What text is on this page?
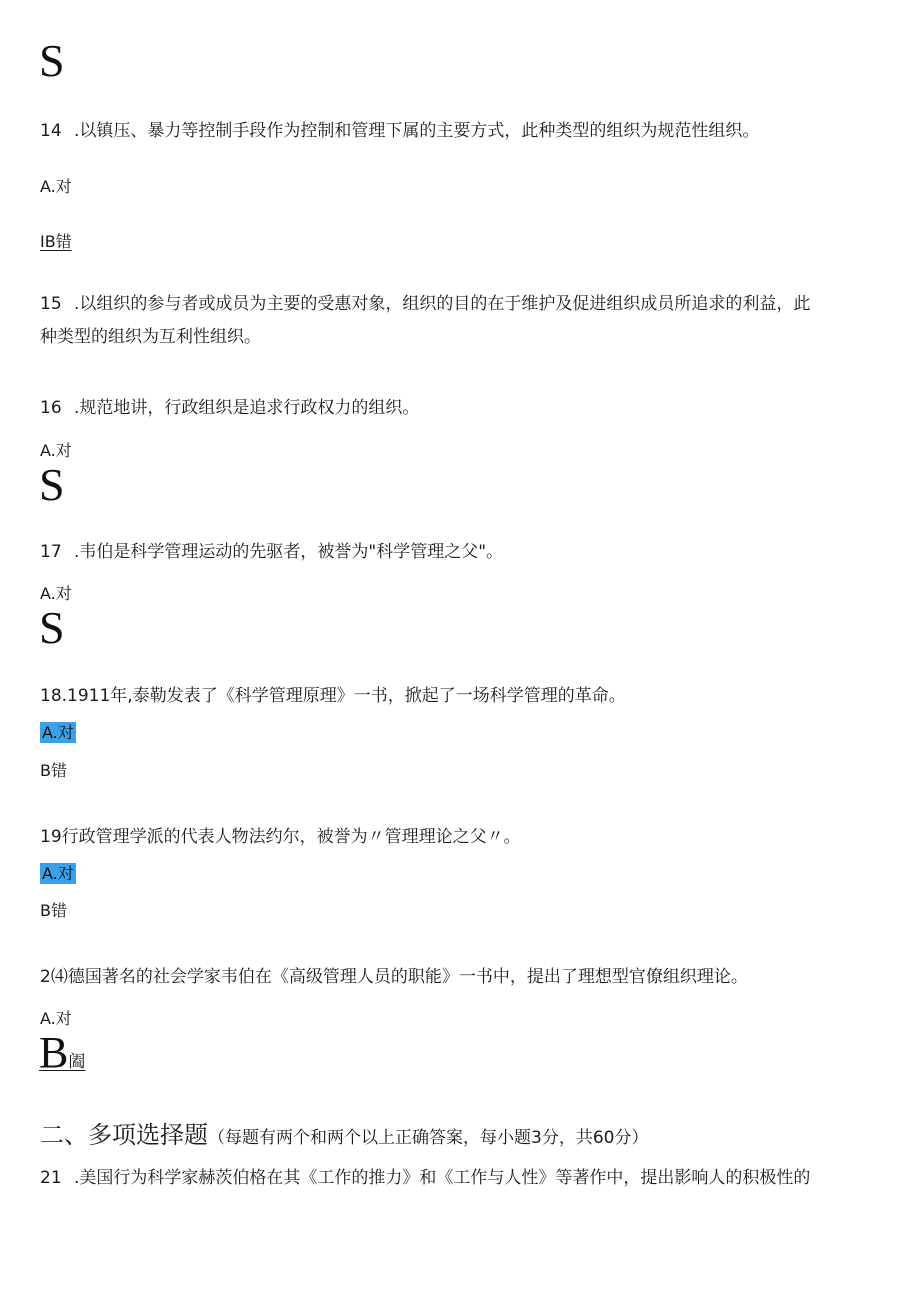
S
14 .以镇压、暴力等控制手段作为控制和管理下属的主要方式，此种类型的组织为规范性组织。
A.对
IB错
15 .以组织的参与者或成员为主要的受惠对象，组织的目的在于维护及促进组织成员所追求的利益，此
种类型的组织为互利性组织。
16 .规范地讲，行政组织是追求行政权力的组织。
A.对
S
17 .韦伯是科学管理运动的先驱者，被誉为"科学管理之父"。
A.对
S
18.1911年,泰勒发表了《科学管理原理》一书，掀起了一场科学管理的革命。
A.对
B错
19行政管理学派的代表人物法约尔，被誉为〃管理理论之父〃。
A.对
B错
2⑷德国著名的社会学家韦伯在《高级管理人员的职能》一书中，提出了理想型官僚组织理论。
A.对
B阖
二、多项选择题（每题有两个和两个以上正确答案，每小题3分，共60分）
21 .美国行为科学家赫茨伯格在其《工作的推力》和《工作与人性》等著作中，提出影响人的积极性的
